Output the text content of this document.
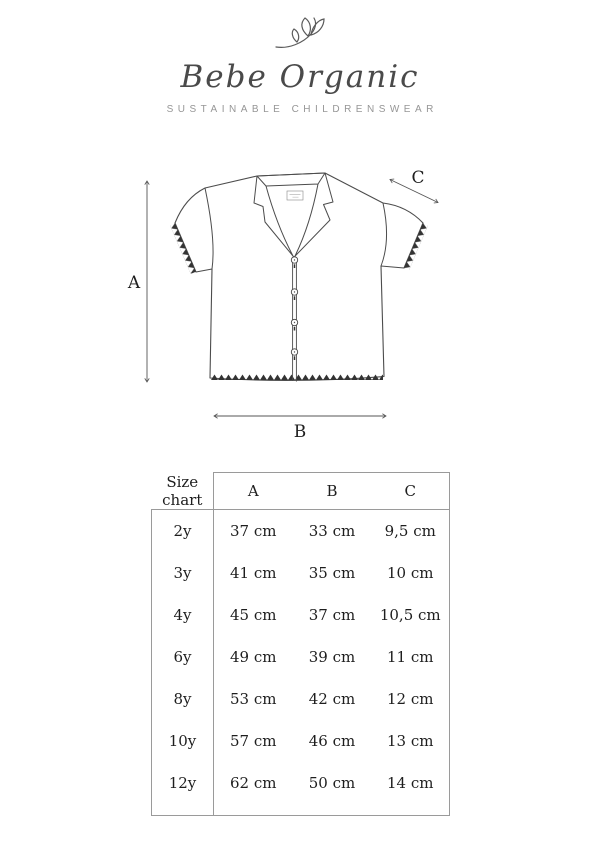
Bebe Organic
SUSTAINABLE CHILDRENSWEAR
A
B
C
Size chart	A	B	C
2y	37 cm	33 cm	9,5 cm
3y	41 cm	35 cm	10 cm
4y	45 cm	37 cm	10,5 cm
6y	49 cm	39 cm	11 cm
8y	53 cm	42 cm	12 cm
10y	57 cm	46 cm	13 cm
12y	62 cm	50 cm	14 cm
